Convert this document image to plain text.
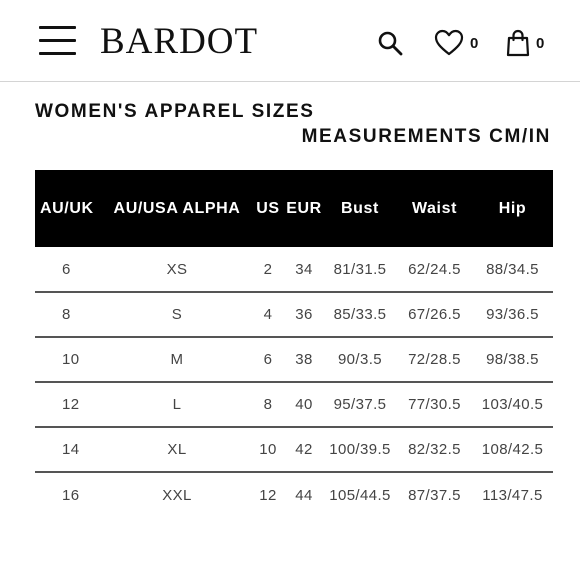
BARDOT	0	0
WOMEN'S APPAREL SIZES
MEASUREMENTS CM/IN
AU/UK	AU/USA ALPHA	US	EUR	Bust	Waist	Hip
6	XS	2	34	81/31.5	62/24.5	88/34.5
8	S	4	36	85/33.5	67/26.5	93/36.5
10	M	6	38	90/3.5	72/28.5	98/38.5
12	L	8	40	95/37.5	77/30.5	103/40.5
14	XL	10	42	100/39.5	82/32.5	108/42.5
16	XXL	12	44	105/44.5	87/37.5	113/47.5
